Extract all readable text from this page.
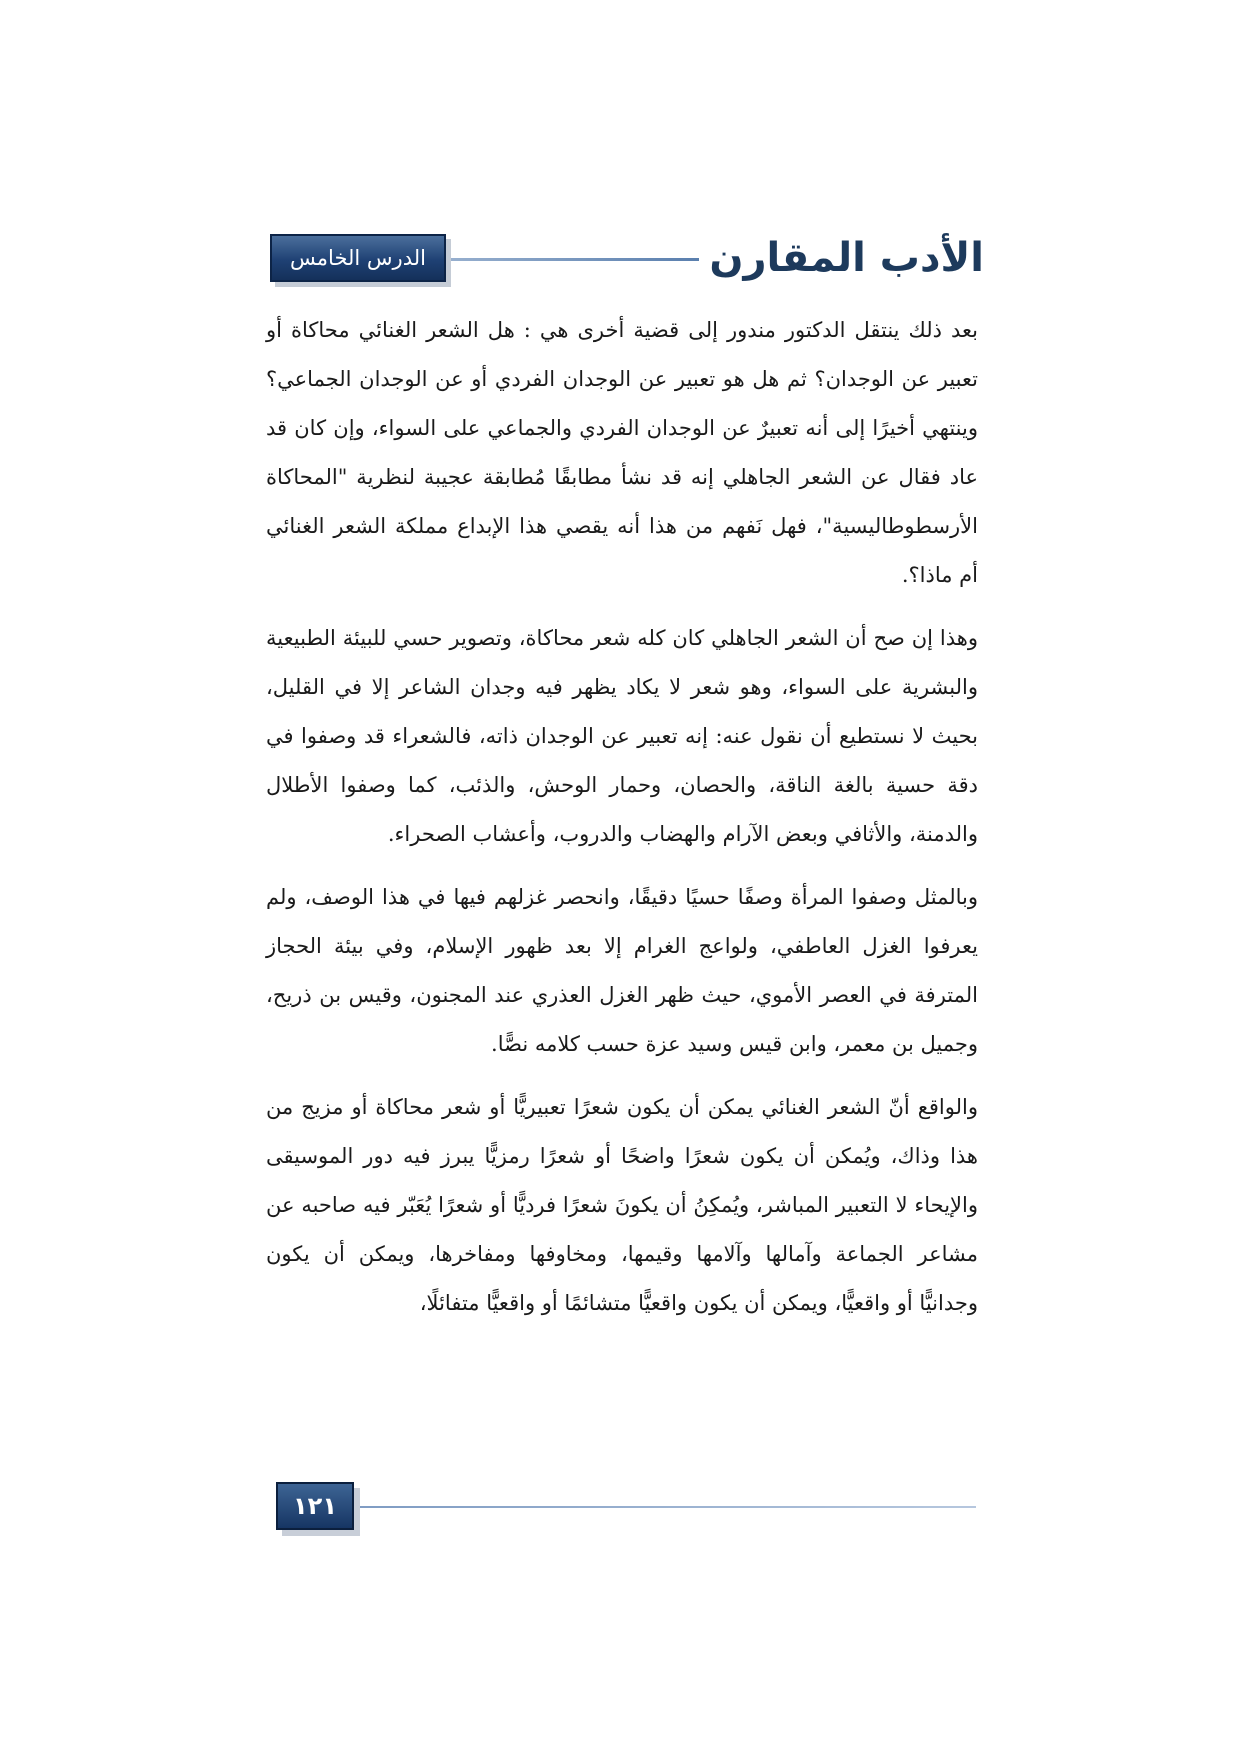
الأدب المقارن
الدرس الخامس

بعد ذلك ينتقل الدكتور مندور إلى قضية أخرى هي : هل الشعر الغنائي محاكاة أو تعبير عن الوجدان؟ ثم هل هو تعبير عن الوجدان الفردي أو عن الوجدان الجماعي؟ وينتهي أخيرًا إلى أنه تعبيرٌ عن الوجدان الفردي والجماعي على السواء، وإن كان قد عاد فقال عن الشعر الجاهلي إنه قد نشأ مطابقًا مُطابقة عجيبة لنظرية "المحاكاة الأرسطوطاليسية"، فهل نَفهم من هذا أنه يقصي هذا الإبداع مملكة الشعر الغنائي أم ماذا؟.

وهذا إن صح أن الشعر الجاهلي كان كله شعر محاكاة، وتصوير حسي للبيئة الطبيعية والبشرية على السواء، وهو شعر لا يكاد يظهر فيه وجدان الشاعر إلا في القليل، بحيث لا نستطيع أن نقول عنه: إنه تعبير عن الوجدان ذاته، فالشعراء قد وصفوا في دقة حسية بالغة الناقة، والحصان، وحمار الوحش، والذئب، كما وصفوا الأطلال والدمنة، والأثافي وبعض الآرام والهضاب والدروب، وأعشاب الصحراء.

وبالمثل وصفوا المرأة وصفًا حسيًا دقيقًا، وانحصر غزلهم فيها في هذا الوصف، ولم يعرفوا الغزل العاطفي، ولواعج الغرام إلا بعد ظهور الإسلام، وفي بيئة الحجاز المترفة في العصر الأموي، حيث ظهر الغزل العذري عند المجنون، وقيس بن ذريح، وجميل بن معمر، وابن قيس وسيد عزة حسب كلامه نصًّا.

والواقع أنّ الشعر الغنائي يمكن أن يكون شعرًا تعبيريًّا أو شعر محاكاة أو مزيج من هذا وذاك، ويُمكن أن يكون شعرًا واضحًا أو شعرًا رمزيًّا يبرز فيه دور الموسيقى والإيحاء لا التعبير المباشر، ويُمكِنُ أن يكونَ شعرًا فرديًّا أو شعرًا يُعَبّر فيه صاحبه عن مشاعر الجماعة وآمالها وآلامها وقيمها، ومخاوفها ومفاخرها، ويمكن أن يكون وجدانيًّا أو واقعيًّا، ويمكن أن يكون واقعيًّا متشائمًا أو واقعيًّا متفائلًا،

١٢١
